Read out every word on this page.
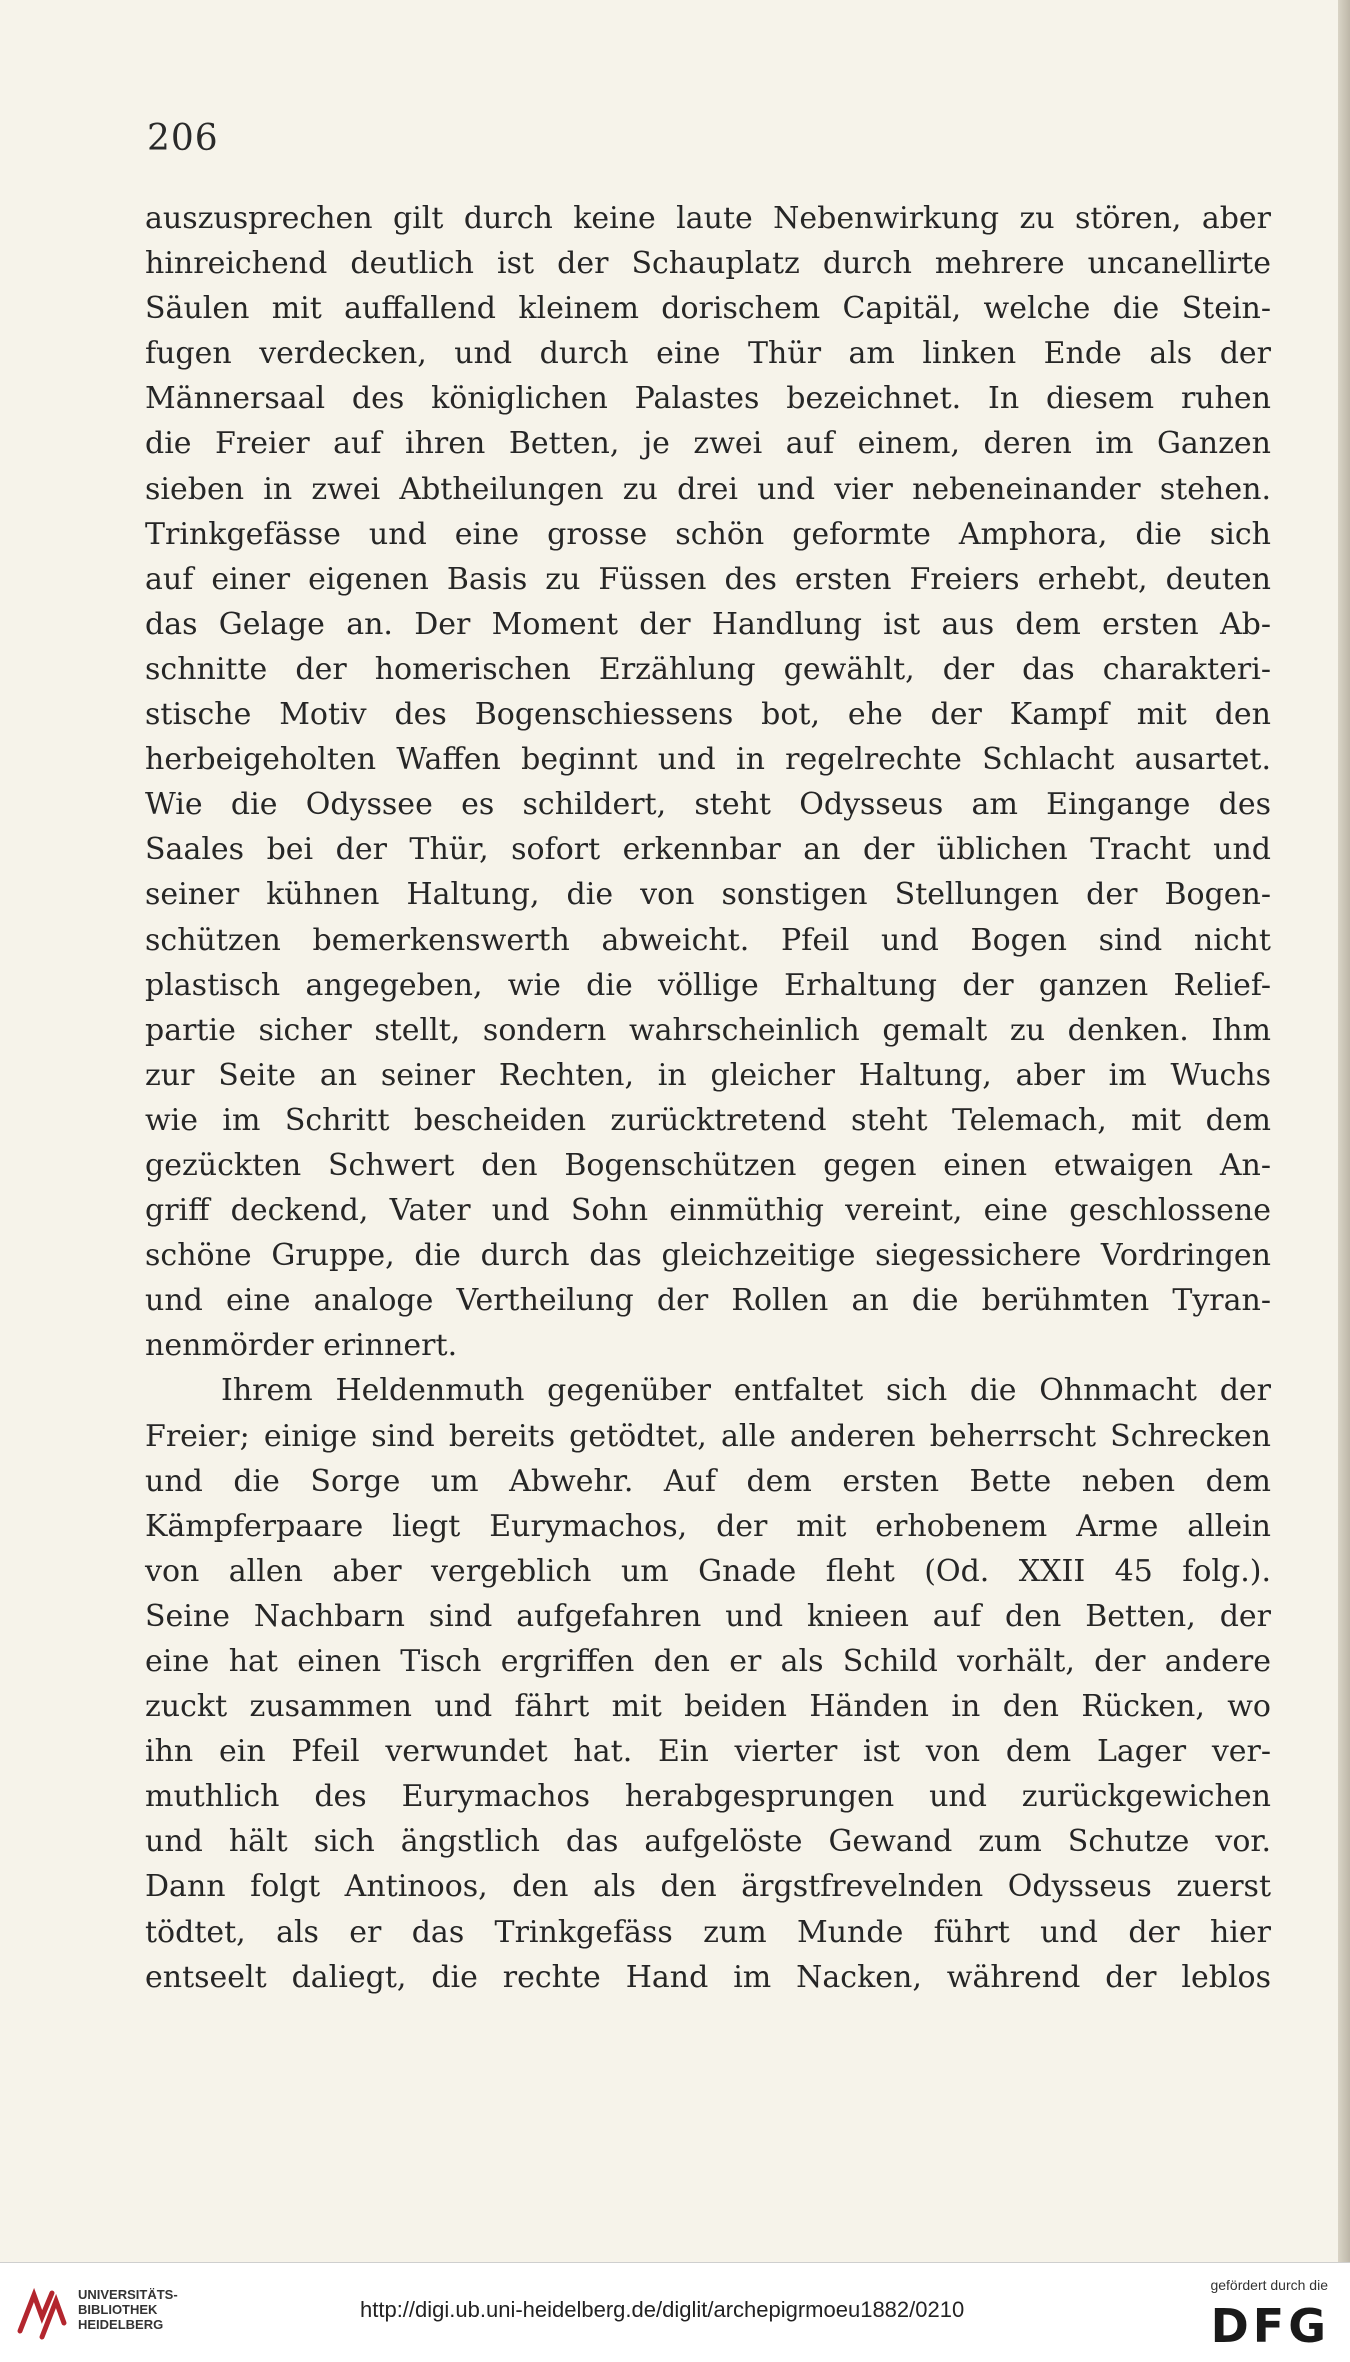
206
auszusprechen gilt durch keine laute Nebenwirkung zu stören, aber
hinreichend deutlich ist der Schauplatz durch mehrere uncanellirte
Säulen mit auffallend kleinem dorischem Capitäl, welche die Stein-
fugen verdecken, und durch eine Thür am linken Ende als der
Männersaal des königlichen Palastes bezeichnet. In diesem ruhen
die Freier auf ihren Betten, je zwei auf einem, deren im Ganzen
sieben in zwei Abtheilungen zu drei und vier nebeneinander stehen.
Trinkgefässe und eine grosse schön geformte Amphora, die sich
auf einer eigenen Basis zu Füssen des ersten Freiers erhebt, deuten
das Gelage an. Der Moment der Handlung ist aus dem ersten Ab-
schnitte der homerischen Erzählung gewählt, der das charakteri-
stische Motiv des Bogenschiessens bot, ehe der Kampf mit den
herbeigeholten Waffen beginnt und in regelrechte Schlacht ausartet.
Wie die Odyssee es schildert, steht Odysseus am Eingange des
Saales bei der Thür, sofort erkennbar an der üblichen Tracht und
seiner kühnen Haltung, die von sonstigen Stellungen der Bogen-
schützen bemerkenswerth abweicht. Pfeil und Bogen sind nicht
plastisch angegeben, wie die völlige Erhaltung der ganzen Relief-
partie sicher stellt, sondern wahrscheinlich gemalt zu denken. Ihm
zur Seite an seiner Rechten, in gleicher Haltung, aber im Wuchs
wie im Schritt bescheiden zurücktretend steht Telemach, mit dem
gezückten Schwert den Bogenschützen gegen einen etwaigen An-
griff deckend, Vater und Sohn einmüthig vereint, eine geschlossene
schöne Gruppe, die durch das gleichzeitige siegessichere Vordringen
und eine analoge Vertheilung der Rollen an die berühmten Tyran-
nenmörder erinnert.
Ihrem Heldenmuth gegenüber entfaltet sich die Ohnmacht der
Freier; einige sind bereits getödtet, alle anderen beherrscht Schrecken
und die Sorge um Abwehr. Auf dem ersten Bette neben dem
Kämpferpaare liegt Eurymachos, der mit erhobenem Arme allein
von allen aber vergeblich um Gnade fleht (Od. XXII 45 folg.).
Seine Nachbarn sind aufgefahren und knieen auf den Betten, der
eine hat einen Tisch ergriffen den er als Schild vorhält, der andere
zuckt zusammen und fährt mit beiden Händen in den Rücken, wo
ihn ein Pfeil verwundet hat. Ein vierter ist von dem Lager ver-
muthlich des Eurymachos herabgesprungen und zurückgewichen
und hält sich ängstlich das aufgelöste Gewand zum Schutze vor.
Dann folgt Antinoos, den als den ärgstfrevelnden Odysseus zuerst
tödtet, als er das Trinkgefäss zum Munde führt und der hier
entseelt daliegt, die rechte Hand im Nacken, während der leblos
UNIVERSITÄTS-
BIBLIOTHEK
HEIDELBERG
http://digi.ub.uni-heidelberg.de/diglit/archepigrmoeu1882/0210
gefördert durch die
DFG
